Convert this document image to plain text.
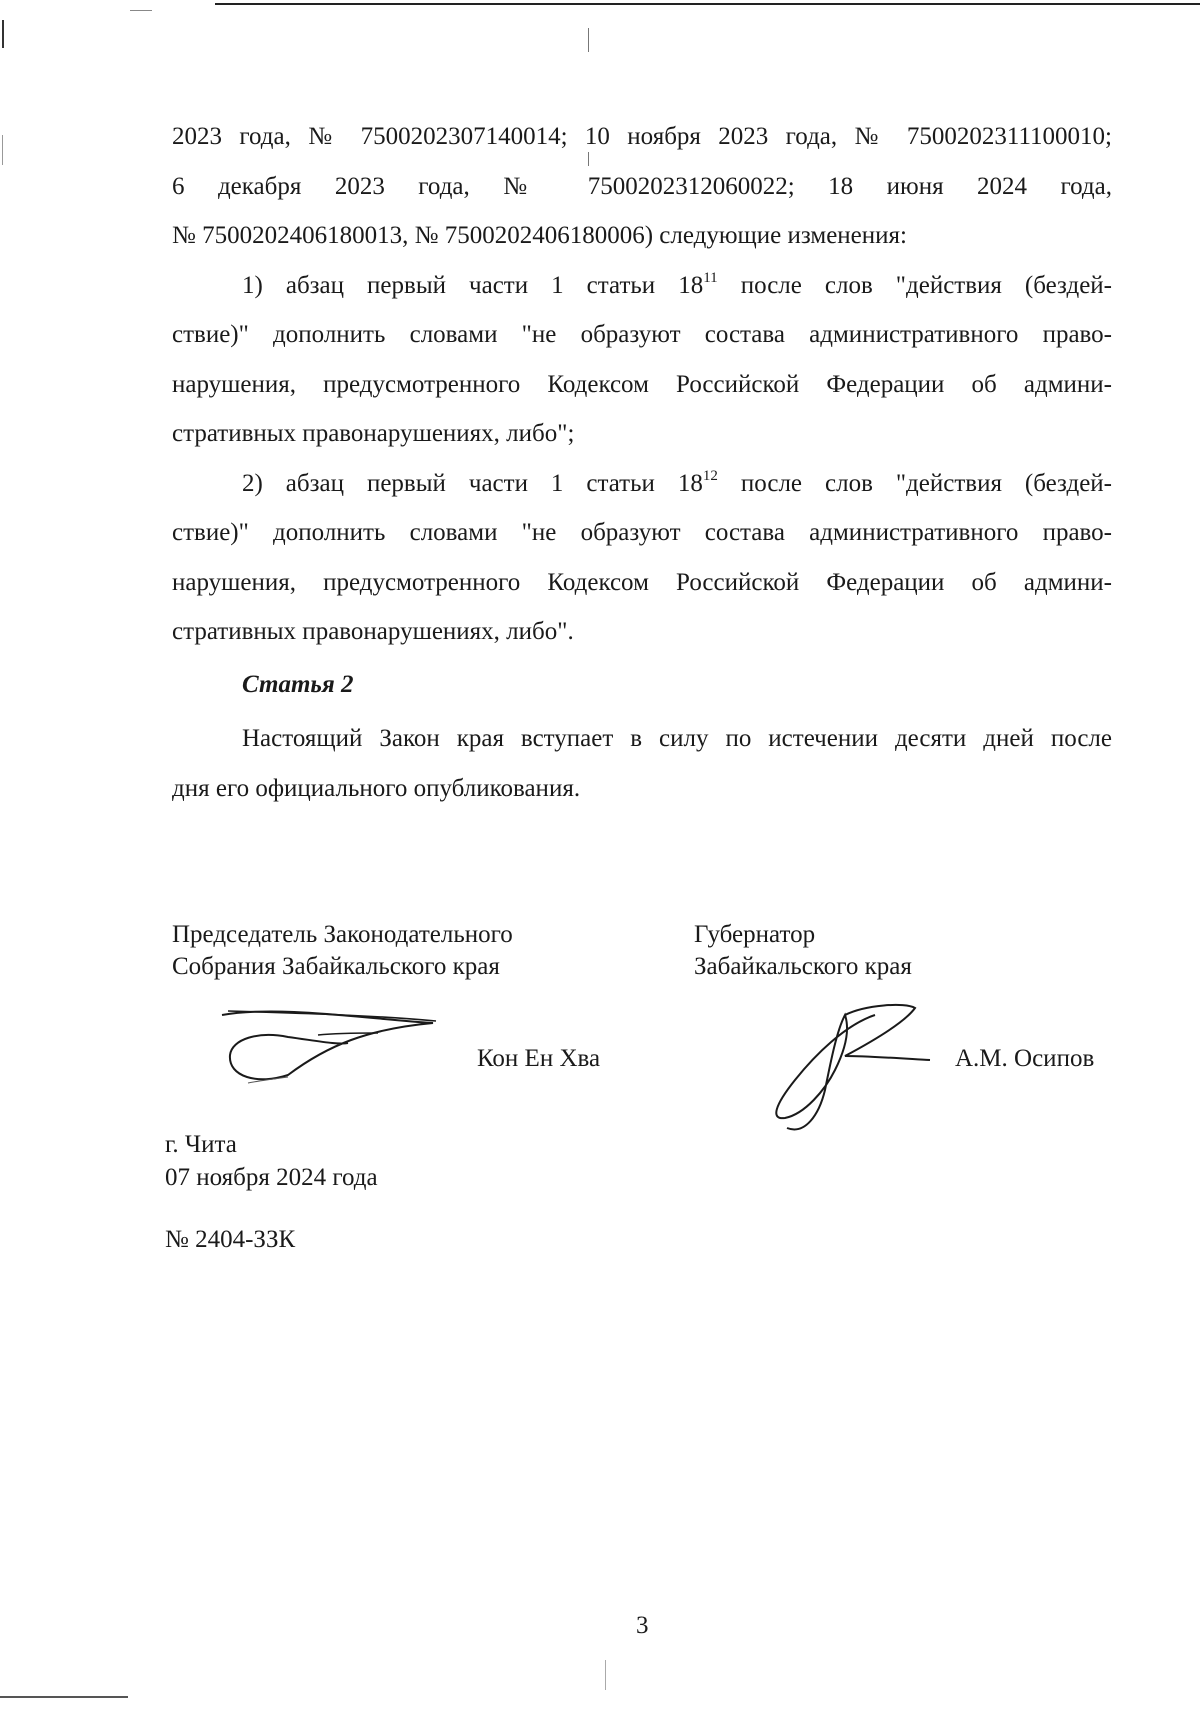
2023 года, № 7500202307140014; 10 ноября 2023 года, № 7500202311100010;
6 декабря 2023 года, № 7500202312060022; 18 июня 2024 года,
№ 7500202406180013, № 7500202406180006) следующие изменения:
1) абзац первый части 1 статьи $18^{11}$ после слов "действия (бездей-
ствие)" дополнить словами "не образуют состава административного право-
нарушения, предусмотренного Кодексом Российской Федерации об админи-
стративных правонарушениях, либо";
2) абзац первый части 1 статьи $18^{12}$ после слов "действия (бездей-
ствие)" дополнить словами "не образуют состава административного право-
нарушения, предусмотренного Кодексом Российской Федерации об админи-
стративных правонарушениях, либо".

Статья 2

Настоящий Закон края вступает в силу по истечении десяти дней после
дня его официального опубликования.
Председатель Законодательного
Собрания Забайкальского края
Губернатор
Забайкальского края

Кон Ен Хва	А.М. Осипов

г. Чита
07 ноября 2024 года

№ 2404-ЗЗК

3
